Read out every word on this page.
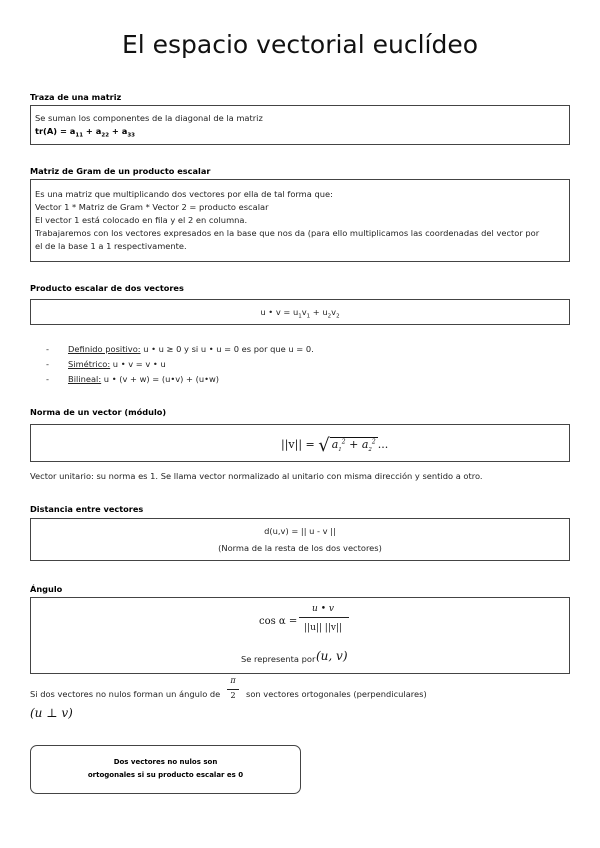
El espacio vectorial euclídeo
Traza de una matriz
Se suman los componentes de la diagonal de la matriz
$tr(A) = a_{11} + a_{22} + a_{33}$
Matriz de Gram de un producto escalar
Es una matriz que multiplicando dos vectores por ella de tal forma que:
Vector 1 * Matriz de Gram * Vector 2 = producto escalar
El vector 1 está colocado en fila y el 2 en columna.
Trabajaremos con los vectores expresados en la base que nos da (para ello multiplicamos las coordenadas del vector por
el de la base 1 a 1 respectivamente.
Producto escalar de dos vectores
u • $v = u_1v_1 + u_2v_2$
- Definido positivo: u • u ≥ 0 y si u • u = 0 es por que u = 0.
- Simétrico: u • v = v • u
- Bilineal: u • (v + w) = (u•v) + (u•w)
Norma de un vector (módulo)
||v|| = √ $a_1^2 + a_2^2$ ...
Vector unitario: su norma es 1. Se llama vector normalizado al unitario con misma dirección y sentido a otro.
Distancia entre vectores
d(u,v) = || u - v ||
(Norma de la resta de los dos vectores)
Ángulo
cos α =
u • v
||u|| ||v||
Se representa por (u, v)
Si dos vectores no nulos forman un ángulo de
π
2	son vectores ortogonales (perpendiculares)
(u ⊥ v)
Dos vectores no nulos son
ortogonales si su producto escalar es 0
